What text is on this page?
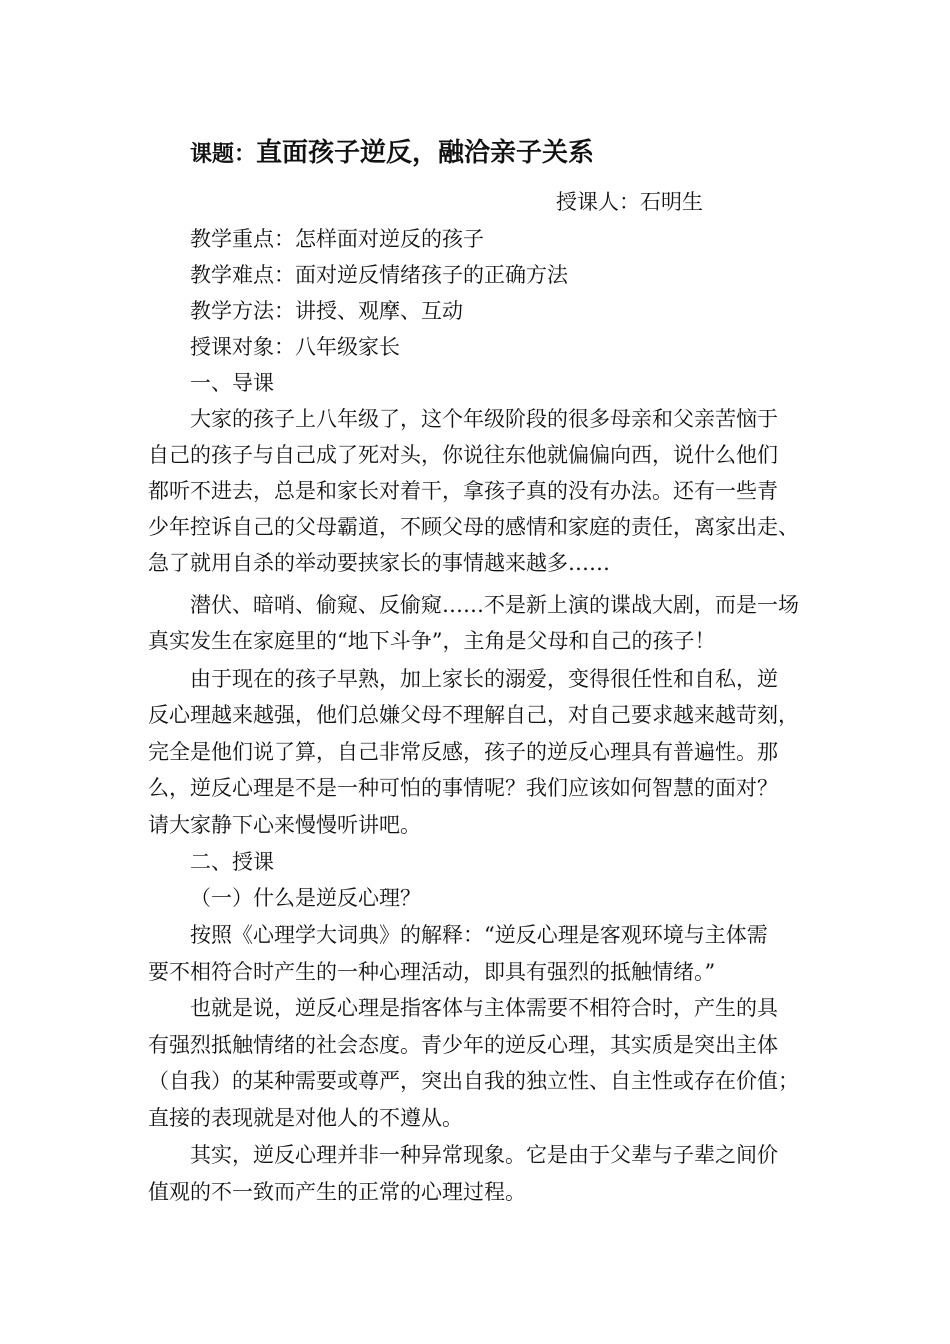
课题：直面孩子逆反，融洽亲子关系
授课人：石明生
教学重点：怎样面对逆反的孩子
教学难点：面对逆反情绪孩子的正确方法
教学方法：讲授、观摩、互动
授课对象：八年级家长
一、导课
大家的孩子上八年级了，这个年级阶段的很多母亲和父亲苦恼于
自己的孩子与自己成了死对头，你说往东他就偏偏向西，说什么他们
都听不进去，总是和家长对着干，拿孩子真的没有办法。还有一些青
少年控诉自己的父母霸道，不顾父母的感情和家庭的责任，离家出走、
急了就用自杀的举动要挟家长的事情越来越多……
潜伏、暗哨、偷窥、反偷窥……不是新上演的谍战大剧，而是一场
真实发生在家庭里的“地下斗争”，主角是父母和自己的孩子！
由于现在的孩子早熟，加上家长的溺爱，变得很任性和自私，逆
反心理越来越强，他们总嫌父母不理解自己，对自己要求越来越苛刻，
完全是他们说了算，自己非常反感，孩子的逆反心理具有普遍性。那
么，逆反心理是不是一种可怕的事情呢？我们应该如何智慧的面对？
请大家静下心来慢慢听讲吧。
二、授课
（一）什么是逆反心理？
按照《心理学大词典》的解释：“逆反心理是客观环境与主体需
要不相符合时产生的一种心理活动，即具有强烈的抵触情绪。”
也就是说，逆反心理是指客体与主体需要不相符合时，产生的具
有强烈抵触情绪的社会态度。青少年的逆反心理，其实质是突出主体
（自我）的某种需要或尊严，突出自我的独立性、自主性或存在价值；
直接的表现就是对他人的不遵从。
其实，逆反心理并非一种异常现象。它是由于父辈与子辈之间价
值观的不一致而产生的正常的心理过程。
